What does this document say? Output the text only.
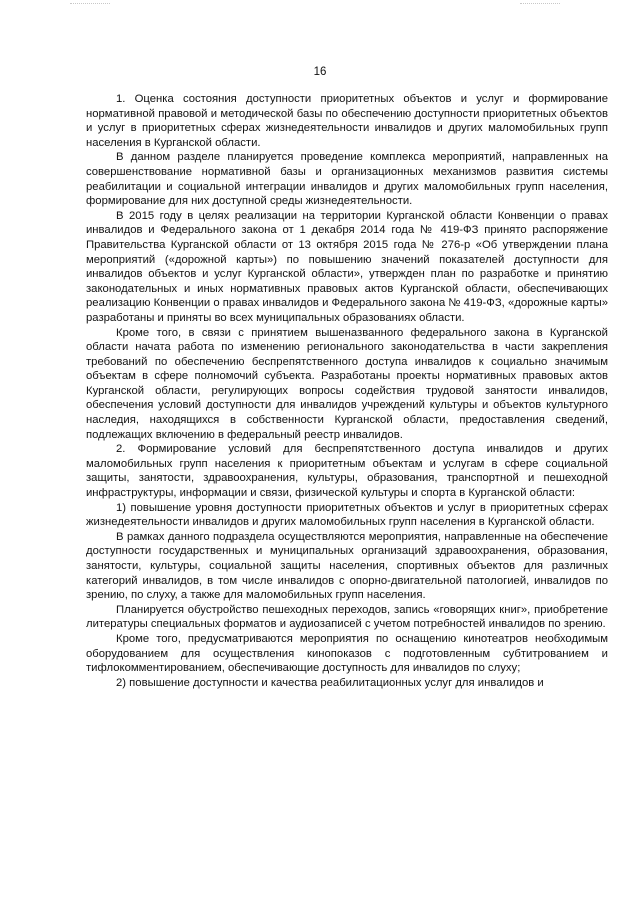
16

1. Оценка состояния доступности приоритетных объектов и услуг и формирование нормативной правовой и методической базы по обеспечению доступности приоритетных объектов и услуг в приоритетных сферах жизнедеятельности инвалидов и других маломобильных групп населения в Курганской области.

В данном разделе планируется проведение комплекса мероприятий, направленных на совершенствование нормативной базы и организационных механизмов развития системы реабилитации и социальной интеграции инвалидов и других маломобильных групп населения, формирование для них доступной среды жизнедеятельности.

В 2015 году в целях реализации на территории Курганской области Конвенции о правах инвалидов и Федерального закона от 1 декабря 2014 года № 419-ФЗ принято распоряжение Правительства Курганской области от 13 октября 2015 года № 276-р «Об утверждении плана мероприятий («дорожной карты») по повышению значений показателей доступности для инвалидов объектов и услуг Курганской области», утвержден план по разработке и принятию законодательных и иных нормативных правовых актов Курганской области, обеспечивающих реализацию Конвенции о правах инвалидов и Федерального закона № 419-ФЗ, «дорожные карты» разработаны и приняты во всех муниципальных образованиях области.

Кроме того, в связи с принятием вышеназванного федерального закона в Курганской области начата работа по изменению регионального законодательства в части закрепления требований по обеспечению беспрепятственного доступа инвалидов к социально значимым объектам в сфере полномочий субъекта. Разработаны проекты нормативных правовых актов Курганской области, регулирующих вопросы содействия трудовой занятости инвалидов, обеспечения условий доступности для инвалидов учреждений культуры и объектов культурного наследия, находящихся в собственности Курганской области, предоставления сведений, подлежащих включению в федеральный реестр инвалидов.

2. Формирование условий для беспрепятственного доступа инвалидов и других маломобильных групп населения к приоритетным объектам и услугам в сфере социальной защиты, занятости, здравоохранения, культуры, образования, транспортной и пешеходной инфраструктуры, информации и связи, физической культуры и спорта в Курганской области:

1) повышение уровня доступности приоритетных объектов и услуг в приоритетных сферах жизнедеятельности инвалидов и других маломобильных групп населения в Курганской области.

В рамках данного подраздела осуществляются мероприятия, направленные на обеспечение доступности государственных и муниципальных организаций здравоохранения, образования, занятости, культуры, социальной защиты населения, спортивных объектов для различных категорий инвалидов, в том числе инвалидов с опорно-двигательной патологией, инвалидов по зрению, по слуху, а также для маломобильных групп населения.

Планируется обустройство пешеходных переходов, запись «говорящих книг», приобретение литературы специальных форматов и аудиозаписей с учетом потребностей инвалидов по зрению.

Кроме того, предусматриваются мероприятия по оснащению кинотеатров необходимым оборудованием для осуществления кинопоказов с подготовленным субтитрованием и тифлокомментированием, обеспечивающие доступность для инвалидов по слуху;

2) повышение доступности и качества реабилитационных услуг для инвалидов и
